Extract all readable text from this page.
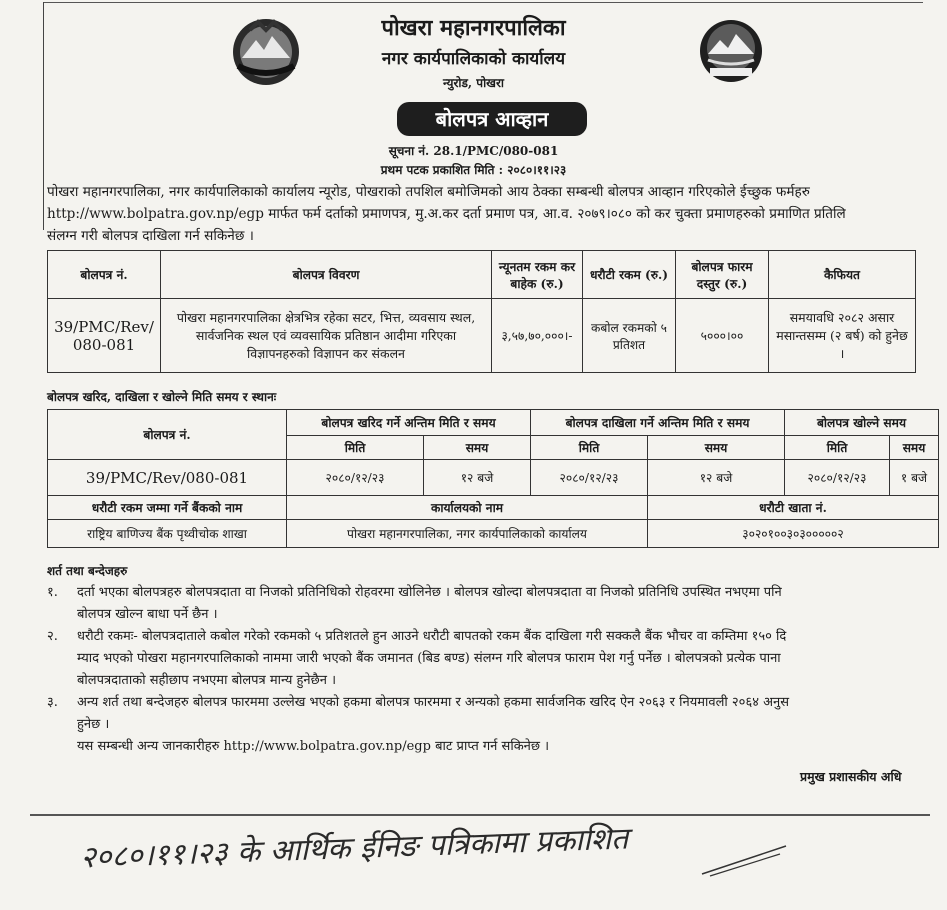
पोखरा महानगरपालिका
नगर कार्यपालिकाको कार्यालय
न्युरोड, पोखरा
बोलपत्र आव्हान
सूचना नं. 28.1/PMC/080-081
प्रथम पटक प्रकाशित मिति : २०८०।११।२३
पोखरा महानगरपालिका, नगर कार्यपालिकाको कार्यालय न्यूरोड, पोखराको तपशिल बमोजिमको आय ठेक्का सम्बन्धी बोलपत्र आव्हान गरिएकोले ईच्छुक फर्महरु
http://www.bolpatra.gov.np/egp मार्फत फर्म दर्ताको प्रमाणपत्र, मु.अ.कर दर्ता प्रमाण पत्र, आ.व. २०७९।०८० को कर चुक्ता प्रमाणहरुको प्रमाणित प्रतिलि
संलग्न गरी बोलपत्र दाखिला गर्न सकिनेछ ।
बोलपत्र नं.	बोलपत्र विवरण	न्यूनतम रकम कर बाहेक (रु.)	धरौटी रकम (रु.)	बोलपत्र फारम दस्तुर (रु.)	कैफियत
39/PMC/Rev/ 080-081	पोखरा महानगरपालिका क्षेत्रभित्र रहेका सटर, भित्त, व्यवसाय स्थल, सार्वजनिक स्थल एवं व्यवसायिक प्रतिष्ठान आदीमा गरिएका विज्ञापनहरुको विज्ञापन कर संकलन	३,५७,७०,०००।-	कबोल रकमको ५ प्रतिशत	५०००।००	समयावधि २०८२ असार मसान्तसम्म (२ बर्ष) को हुनेछ ।
बोलपत्र खरिद, दाखिला र खोल्ने मिति समय र स्थानः
बोलपत्र नं.	बोलपत्र खरिद गर्ने अन्तिम मिति र समय		बोलपत्र दाखिला गर्ने अन्तिम मिति र समय		बोलपत्र खोल्ने समय	
	मिति	समय	मिति	समय	मिति	समय
39/PMC/Rev/080-081	२०८०/१२/२३	१२ बजे	२०८०/१२/२३	१२ बजे	२०८०/१२/२३	१ बजे
धरौटी रकम जम्मा गर्ने बैंकको नाम	कार्यालयको नाम			धरौटी खाता नं.		
राष्ट्रिय बाणिज्य बैंक पृथ्वीचोक शाखा	पोखरा महानगरपालिका, नगर कार्यपालिकाको कार्यालय			३०२०१००३०३०००००२		
शर्त तथा बन्देजहरु
१.	दर्ता भएका बोलपत्रहरु बोलपत्रदाता वा निजको प्रतिनिधिको रोहवरमा खोलिनेछ । बोलपत्र खोल्दा बोलपत्रदाता वा निजको प्रतिनिधि उपस्थित नभएमा पनि
बोलपत्र खोल्न बाधा पर्ने छैन ।
२.	धरौटी रकमः- बोलपत्रदाताले कबोल गरेको रकमको ५ प्रतिशतले हुन आउने धरौटी बापतको रकम बैंक दाखिला गरी सक्कलै बैंक भौचर वा कम्तिमा १५० दि
म्याद भएको पोखरा महानगरपालिकाको नाममा जारी भएको बैंक जमानत (बिड बण्ड) संलग्न गरि बोलपत्र फाराम पेश गर्नु पर्नेछ । बोलपत्रको प्रत्येक पाना
बोलपत्रदाताको सहीछाप नभएमा बोलपत्र मान्य हुनेछैन ।
३.	अन्य शर्त तथा बन्देजहरु बोलपत्र फारममा उल्लेख भएको हकमा बोलपत्र फारममा र अन्यको हकमा सार्वजनिक खरिद ऐन २०६३ र नियमावली २०६४ अनुस
हुनेछ ।
यस सम्बन्धी अन्य जानकारीहरु http://www.bolpatra.gov.np/egp बाट प्राप्त गर्न सकिनेछ ।
प्रमुख प्रशासकीय अधि
२०८०।११।२३ के आर्थिक ईनिङ पत्रिकामा प्रकाशित
